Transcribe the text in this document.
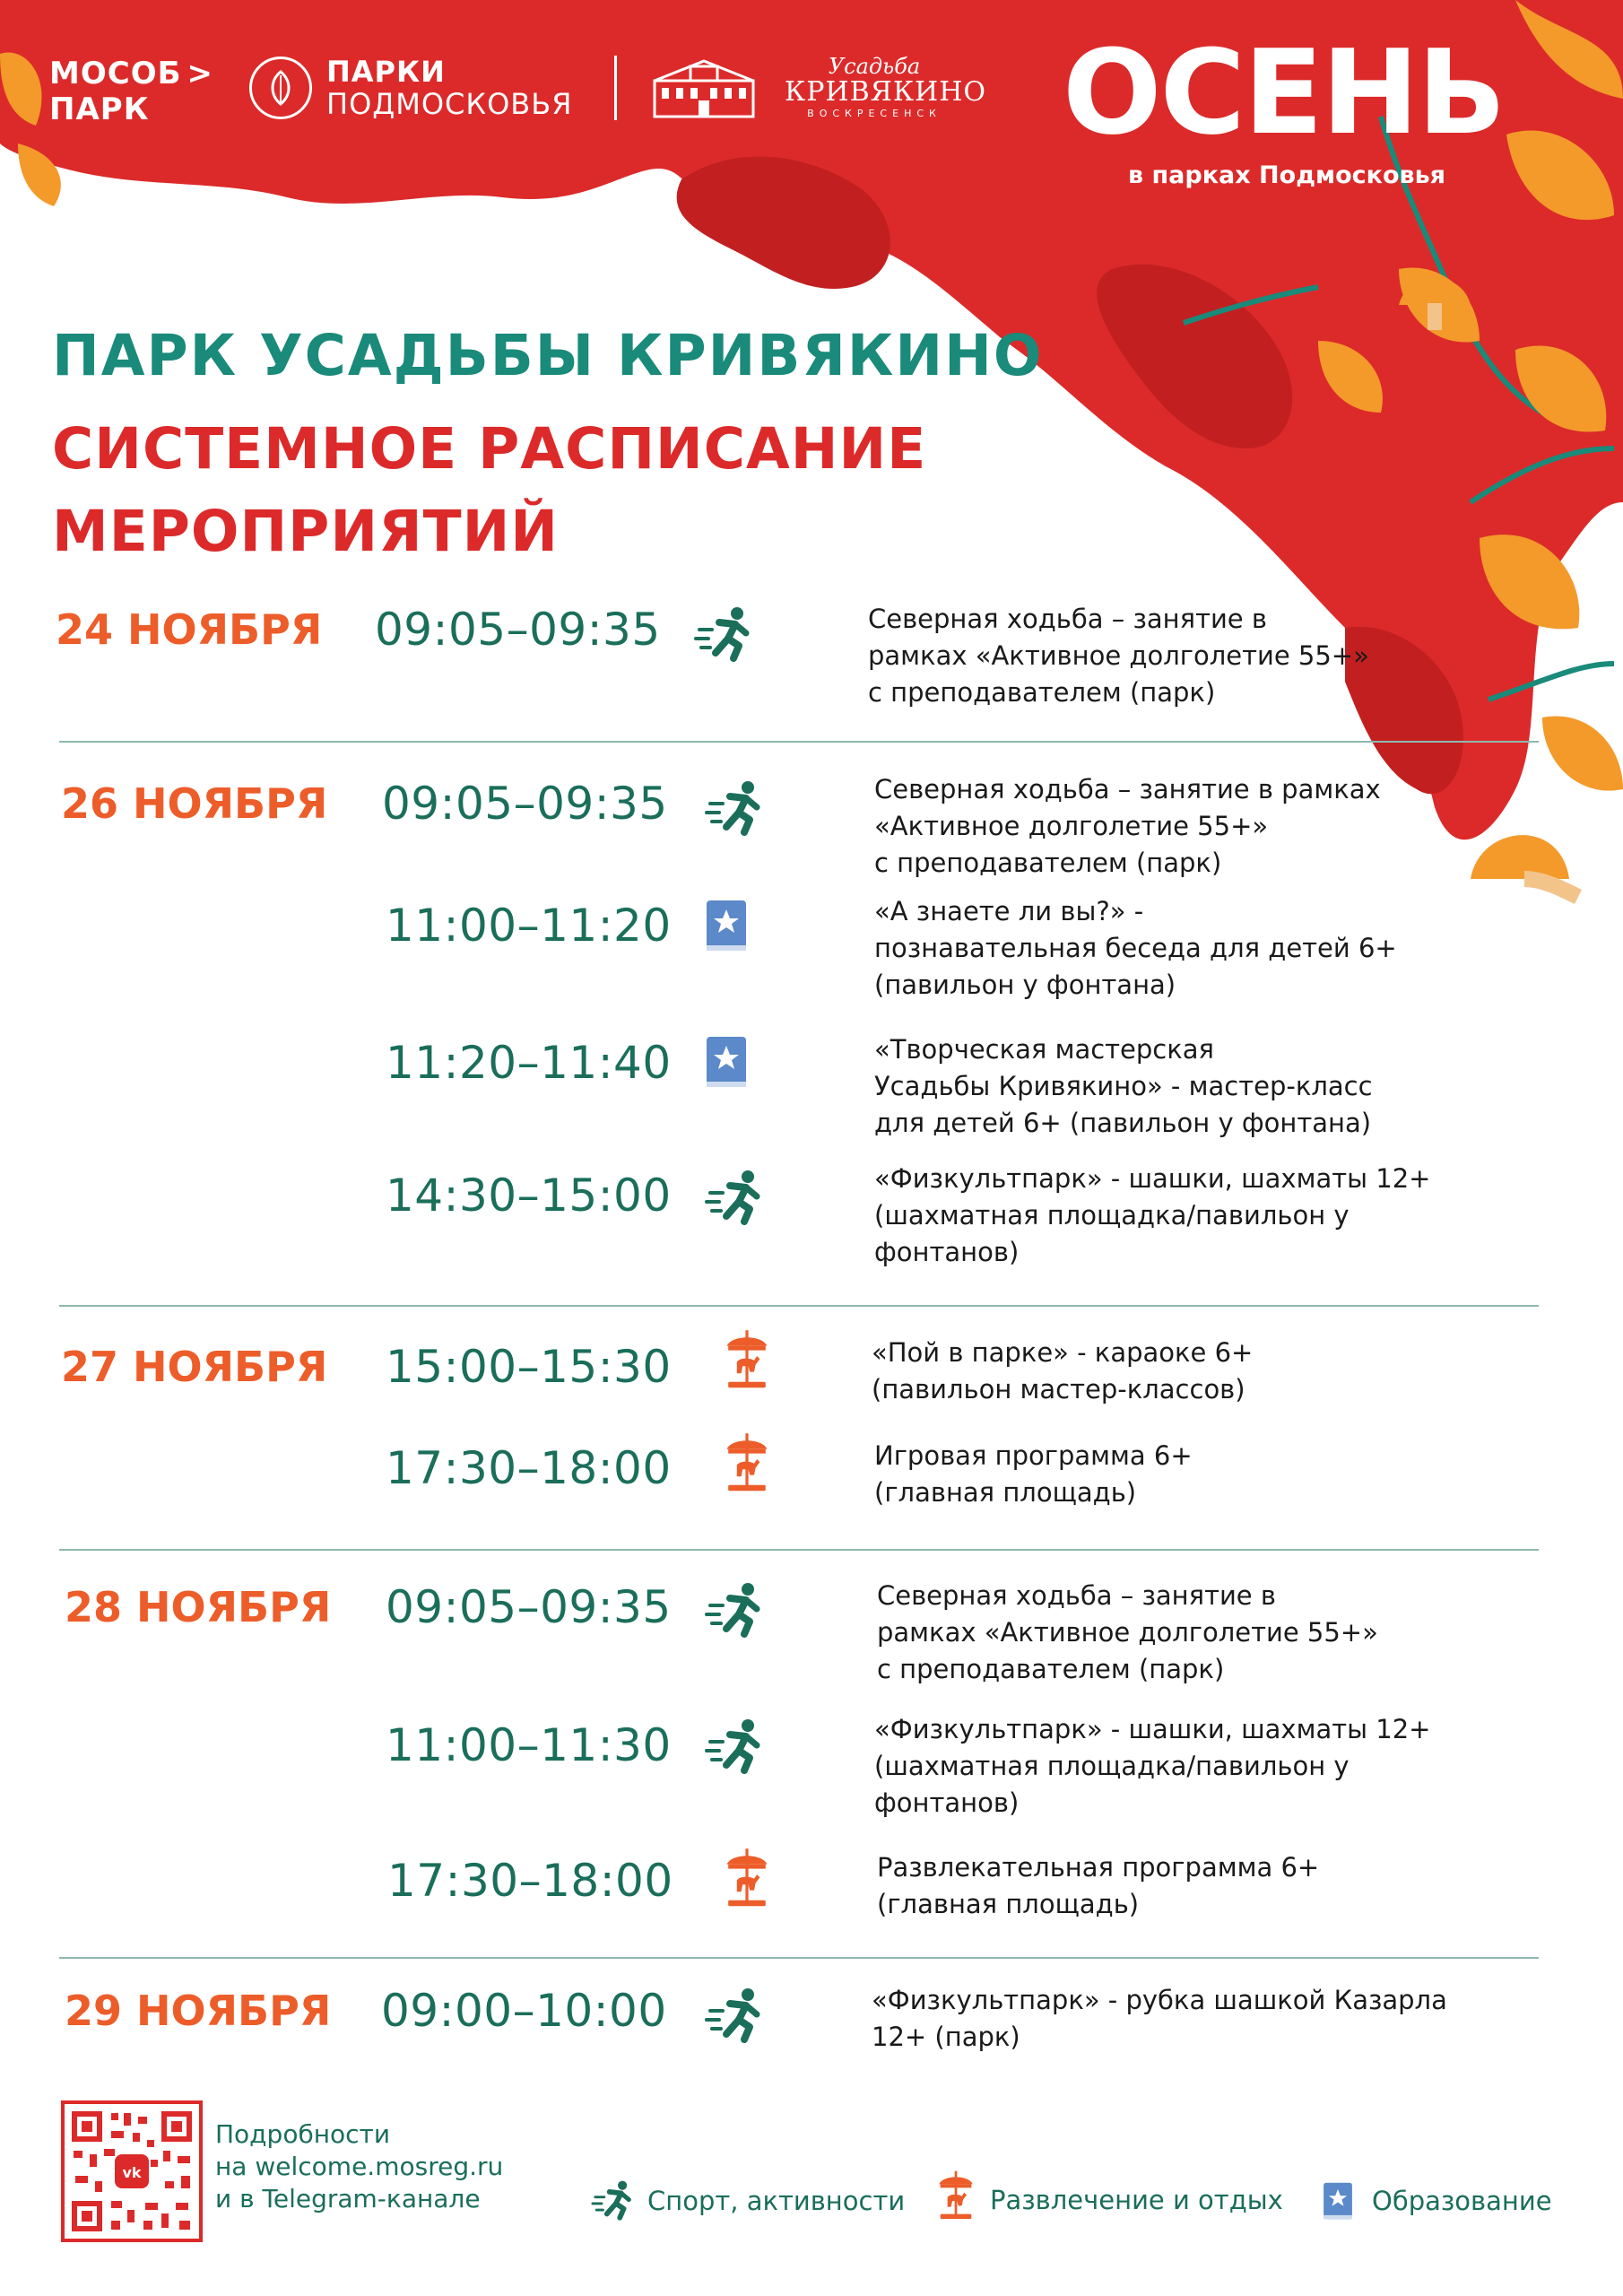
МОСОБ >
ПАРК
ПАРКИ
ПОДМОСКОВЬЯ
Усадьба
КРИВЯКИНО
ВОСКРЕСЕНСК ОСЕНЬ
в парках Подмосковья
ПАРК УСАДЬБЫ КРИВЯКИНО
СИСТЕМНОЕ РАСПИСАНИЕ МЕРОПРИЯТИЙ
24 НОЯБРЯ 09:05–09:35	Северная ходьба – занятие в
рамках «Активное долголетие 55+»
с преподавателем (парк)
26 НОЯБРЯ 09:05–09:35	Северная ходьба – занятие в рамках
«Активное долголетие 55+»
с преподавателем (парк)
11:00–11:20	«А знаете ли вы?» -
познавательная беседа для детей 6+
(павильон у фонтана)
11:20–11:40	«Творческая мастерская
Усадьбы Кривякино» - мастер-класс
для детей 6+ (павильон у фонтана)
14:30–15:00	«Физкультпарк» - шашки, шахматы 12+
(шахматная площадка/павильон у
фонтанов)
27 НОЯБРЯ 15:00–15:30	«Пой в парке» - караоке 6+
(павильон мастер-классов)
17:30–18:00	Игровая программа 6+
(главная площадь)
28 НОЯБРЯ 09:05–09:35	Северная ходьба – занятие в
рамках «Активное долголетие 55+»
с преподавателем (парк)
11:00–11:30	«Физкультпарк» - шашки, шахматы 12+
(шахматная площадка/павильон у
фонтанов)
17:30–18:00	Развлекательная программа 6+
(главная площадь)
29 НОЯБРЯ 09:00–10:00	«Физкультпарк» - рубка шашкой Казарла
12+ (парк)
vk
Подробности
на welcome.mosreg.ru
и в Telegram-канале	Спорт, активности	Развлечение и отдых	Образование
